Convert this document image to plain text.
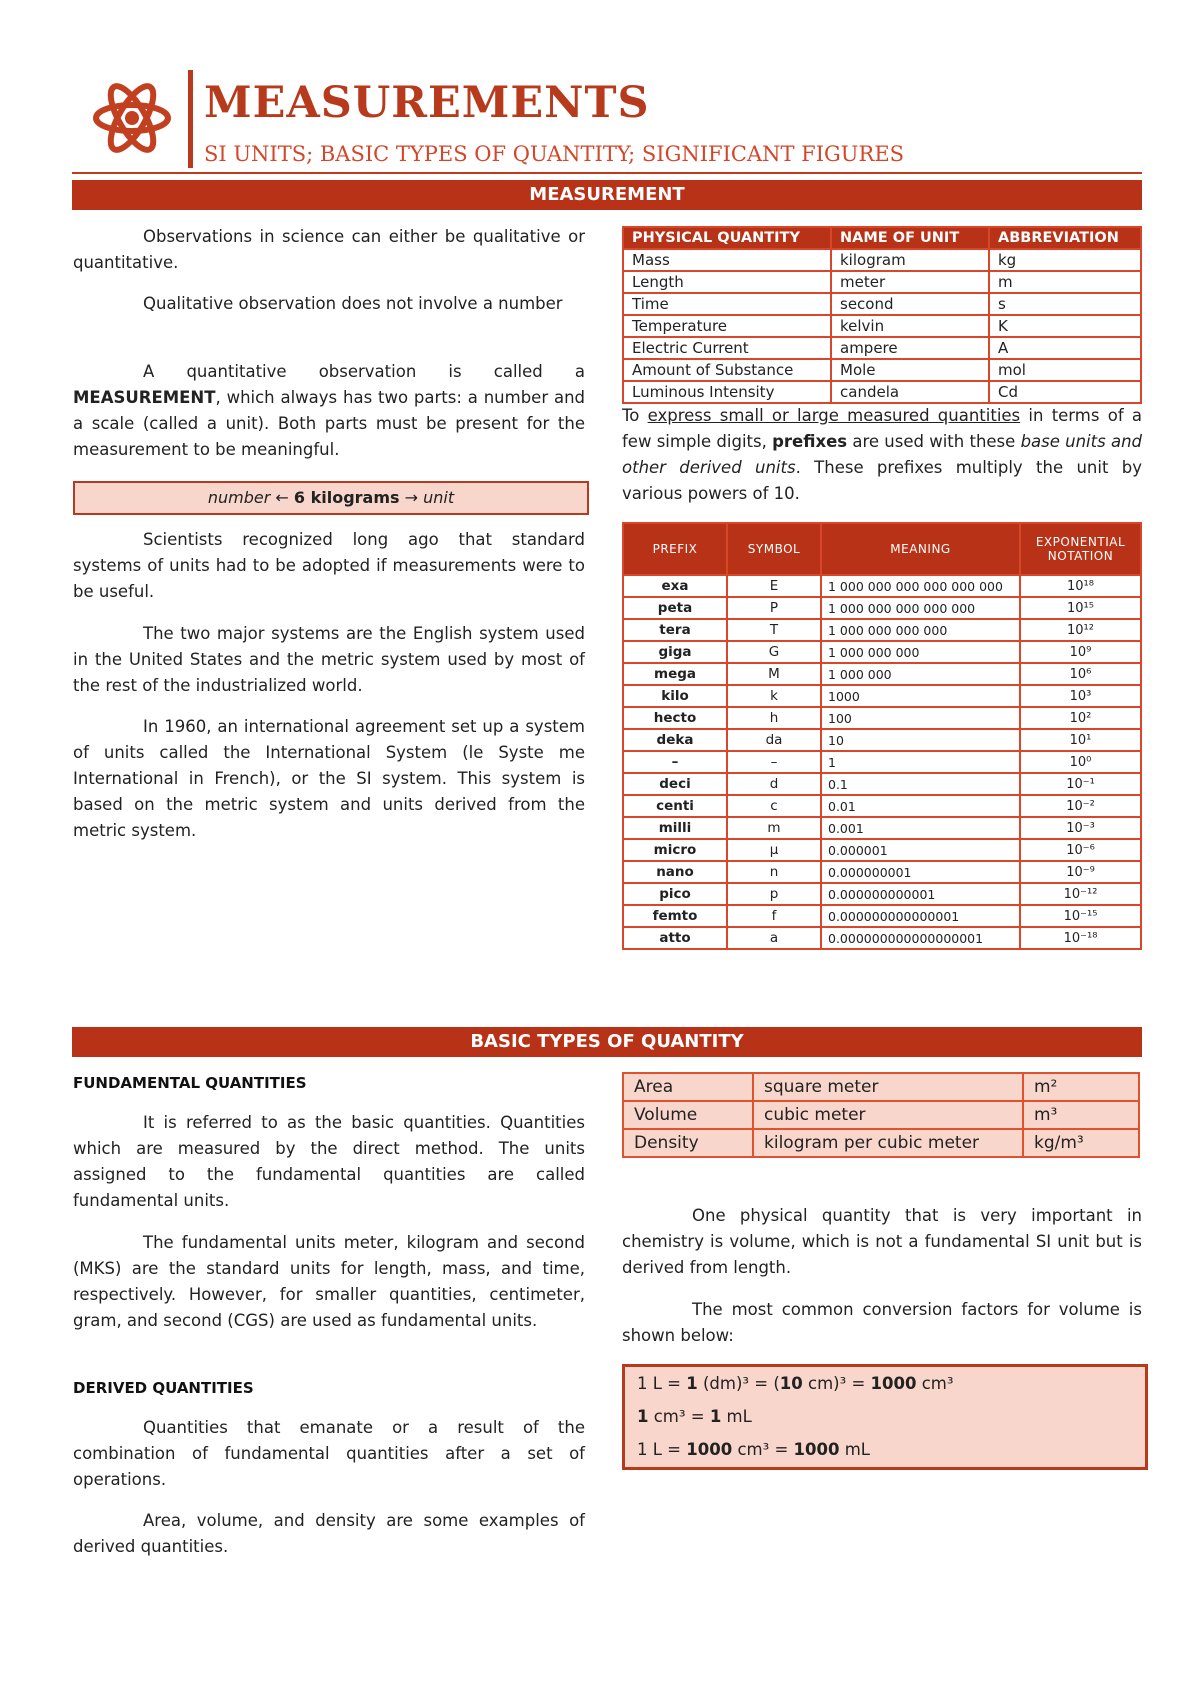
MEASUREMENTS
SI UNITS; BASIC TYPES OF QUANTITY; SIGNIFICANT FIGURES
MEASUREMENT
Observations in science can either be qualitative or quantitative.
Qualitative observation does not involve a number
A quantitative observation is called a MEASUREMENT, which always has two parts: a number and a scale (called a unit). Both parts must be present for the measurement to be meaningful.
number ← 6 kilograms → unit
Scientists recognized long ago that standard systems of units had to be adopted if measurements were to be useful.
The two major systems are the English system used in the United States and the metric system used by most of the rest of the industrialized world.
In 1960, an international agreement set up a system of units called the International System (le Syste me International in French), or the SI system. This system is based on the metric system and units derived from the metric system.
PHYSICAL QUANTITY	NAME OF UNIT	ABBREVIATION
Mass	kilogram	kg
Length	meter	m
Time	second	s
Temperature	kelvin	K
Electric Current	ampere	A
Amount of Substance	Mole	mol
Luminous Intensity	candela	Cd
To express small or large measured quantities in terms of a few simple digits, prefixes are used with these base units and other derived units. These prefixes multiply the unit by various powers of 10.
PREFIX	SYMBOL	MEANING	EXPONENTIAL NOTATION
exa	E	1 000 000 000 000 000 000	10¹⁸
peta	P	1 000 000 000 000 000	10¹⁵
tera	T	1 000 000 000 000	10¹²
giga	G	1 000 000 000	10⁹
mega	M	1 000 000	10⁶
kilo	k	1000	10³
hecto	h	100	10²
deka	da	10	10¹
–	–	1	10⁰
deci	d	0.1	10⁻¹
centi	c	0.01	10⁻²
milli	m	0.001	10⁻³
micro	μ	0.000001	10⁻⁶
nano	n	0.000000001	10⁻⁹
pico	p	0.000000000001	10⁻¹²
femto	f	0.000000000000001	10⁻¹⁵
atto	a	0.000000000000000001	10⁻¹⁸
BASIC TYPES OF QUANTITY
FUNDAMENTAL QUANTITIES
It is referred to as the basic quantities. Quantities which are measured by the direct method. The units assigned to the fundamental quantities are called fundamental units.
The fundamental units meter, kilogram and second (MKS) are the standard units for length, mass, and time, respectively. However, for smaller quantities, centimeter, gram, and second (CGS) are used as fundamental units.
DERIVED QUANTITIES
Quantities that emanate or a result of the combination of fundamental quantities after a set of operations.
Area, volume, and density are some examples of derived quantities.
Area	square meter	m²
Volume	cubic meter	m³
Density	kilogram per cubic meter	kg/m³
One physical quantity that is very important in chemistry is volume, which is not a fundamental SI unit but is derived from length.
The most common conversion factors for volume is shown below:
1 L = 1 (dm)³ = (10 cm)³ = 1000 cm³
1 cm³ = 1 mL
1 L = 1000 cm³ = 1000 mL
